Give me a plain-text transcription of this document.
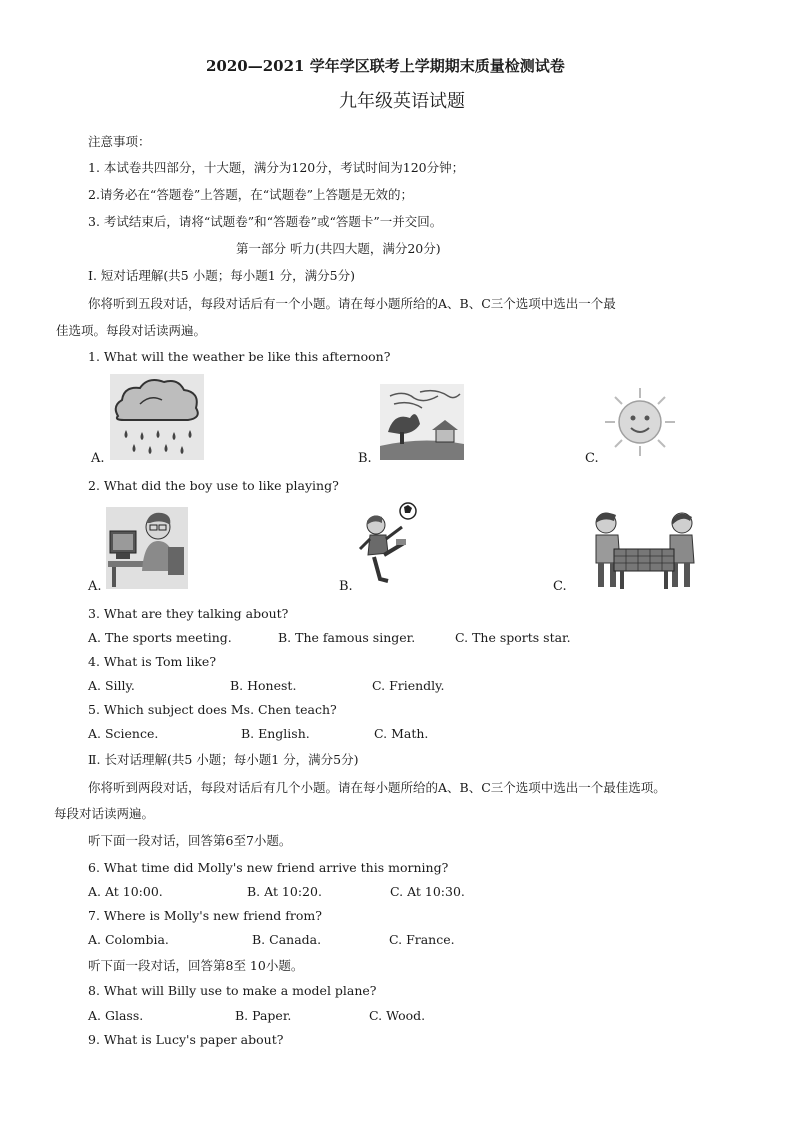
2020—2021 学年学区联考上学期期末质量检测试卷
九年级英语试题
注意事项：
1. 本试卷共四部分，十大题，满分为120分，考试时间为120分钟；
2.请务必在“答题卷”上答题，在“试题卷”上答题是无效的；
3. 考试结束后，请将“试题卷”和“答题卷”或“答题卡”一并交回。
第一部分 听力(共四大题，满分20分)
I. 短对话理解(共5 小题；每小题1 分，满分5分)
你将听到五段对话，每段对话后有一个小题。请在每小题所给的A、B、C三个选项中选出一个最
佳选项。每段对话读两遍。
1. What will the weather be like this afternoon?
A.	B.	C.
2. What did the boy use to like playing?
A.	B.	C.
3. What are they talking about?
A. The sports meeting.	B. The famous singer.	C. The sports star.
4. What is Tom like?
A. Silly.	B. Honest.	C. Friendly.
5. Which subject does Ms. Chen teach?
A. Science.	B. English.	C. Math.
Ⅱ. 长对话理解(共5 小题；每小题1 分，满分5分)
你将听到两段对话，每段对话后有几个小题。请在每小题所给的A、B、C三个选项中选出一个最佳选项。
每段对话读两遍。
听下面一段对话，回答第6至7小题。
6. What time did Molly's new friend arrive this morning?
A. At 10:00.	B. At 10:20.	C. At 10:30.
7. Where is Molly's new friend from?
A. Colombia.	B. Canada.	C. France.
听下面一段对话，回答第8至 10小题。
8. What will Billy use to make a model plane?
A. Glass.	B. Paper.	C. Wood.
9. What is Lucy's paper about?
